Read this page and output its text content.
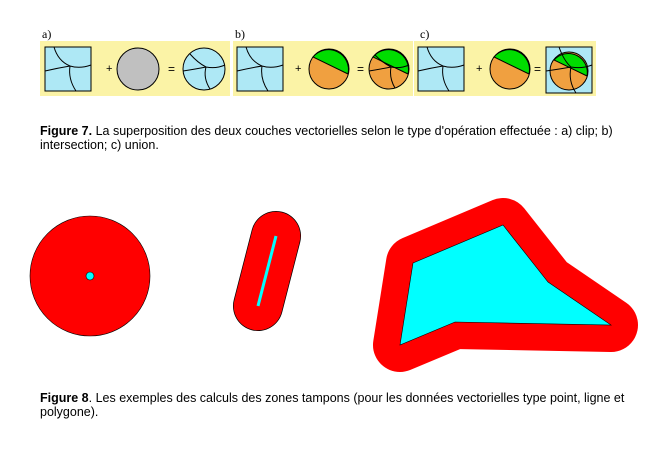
a)	b)	c)
+	=	+	=	+	=
Figure 7. La superposition des deux couches vectorielles selon le type d'opération effectuée : a) clip; b) intersection; c) union.
Figure 8. Les exemples des calculs des zones tampons (pour les données vectorielles type point, ligne et polygone).
